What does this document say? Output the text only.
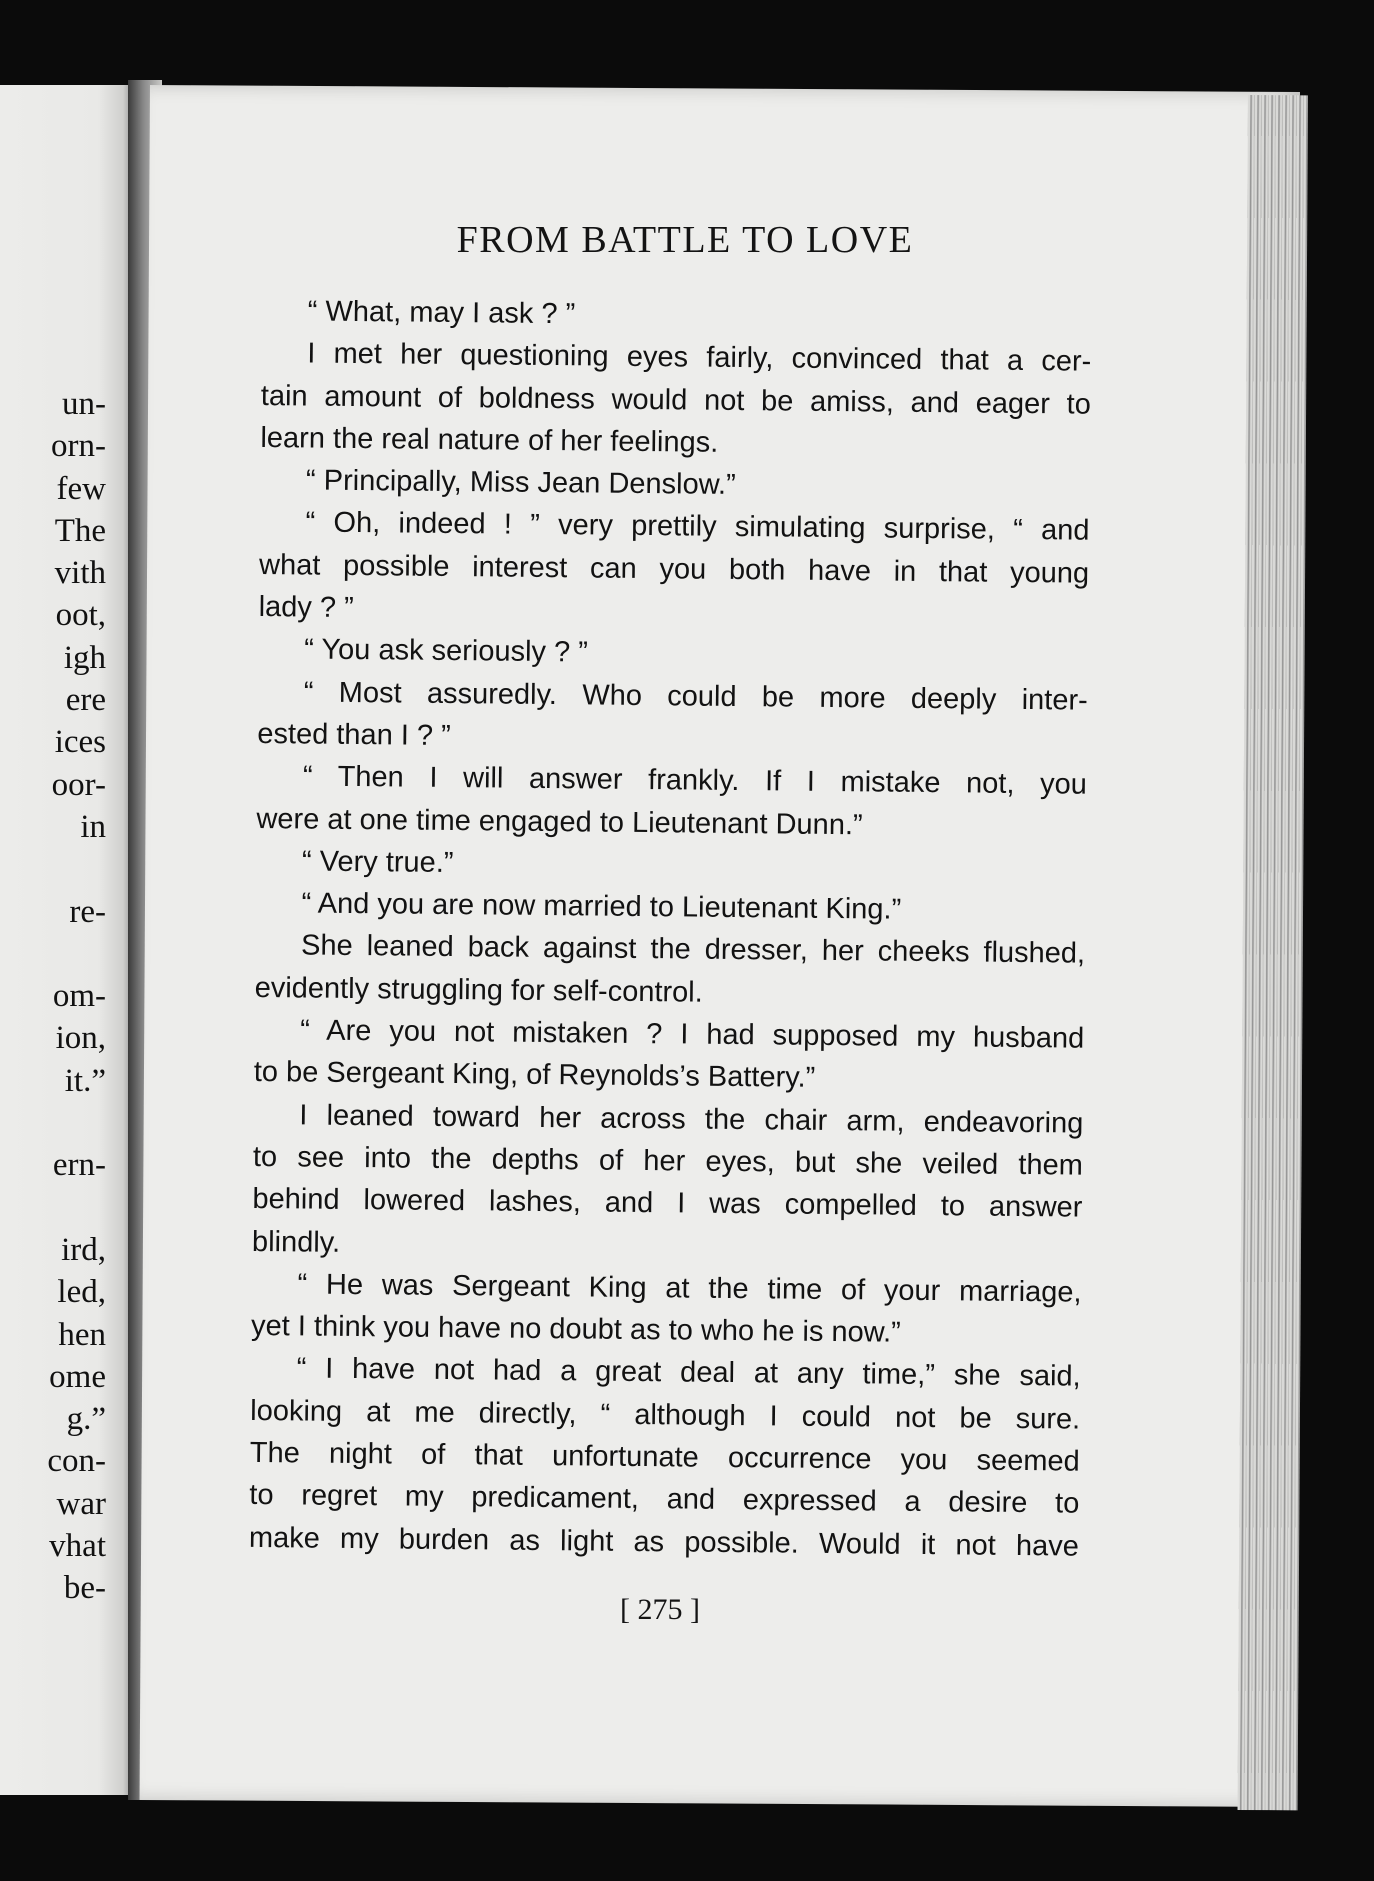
un-
orn-
few
The
vith
oot,
igh
ere
ices
oor-
in
re-
om-
ion,
it.”
ern-
ird,
led,
hen
ome
g.”
con-
war
vhat
be-
FROM BATTLE TO LOVE
“ What, may I ask ? ”
I met her questioning eyes fairly, convinced that a cer-
tain amount of boldness would not be amiss, and eager to
learn the real nature of her feelings.
“ Principally, Miss Jean Denslow.”
“ Oh, indeed ! ” very prettily simulating surprise, “ and
what possible interest can you both have in that young
lady ? ”
“ You ask seriously ? ”
“ Most assuredly. Who could be more deeply inter-
ested than I ? ”
“ Then I will answer frankly. If I mistake not, you
were at one time engaged to Lieutenant Dunn.”
“ Very true.”
“ And you are now married to Lieutenant King.”
She leaned back against the dresser, her cheeks flushed,
evidently struggling for self-control.
“ Are you not mistaken ? I had supposed my husband
to be Sergeant King, of Reynolds’s Battery.”
I leaned toward her across the chair arm, endeavoring
to see into the depths of her eyes, but she veiled them
behind lowered lashes, and I was compelled to answer
blindly.
“ He was Sergeant King at the time of your marriage,
yet I think you have no doubt as to who he is now.”
“ I have not had a great deal at any time,” she said,
looking at me directly, “ although I could not be sure.
The night of that unfortunate occurrence you seemed
to regret my predicament, and expressed a desire to
make my burden as light as possible. Would it not have
[ 275 ]
